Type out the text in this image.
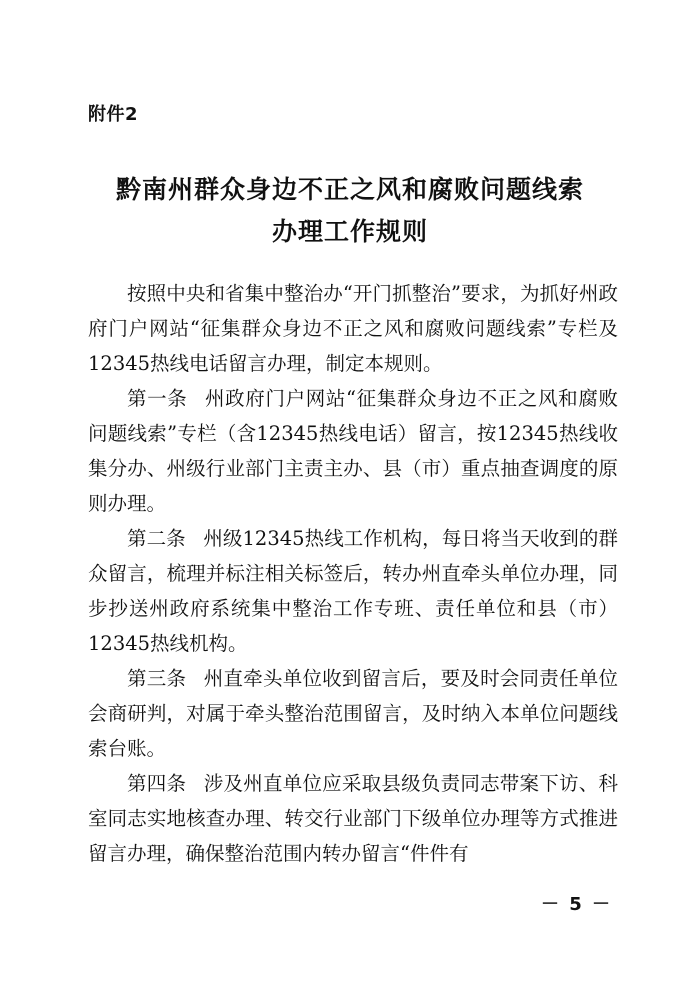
附件2
黔南州群众身边不正之风和腐败问题线索
办理工作规则

按照中央和省集中整治办“开门抓整治”要求，为抓好州政府门户网站“征集群众身边不正之风和腐败问题线索”专栏及12345热线电话留言办理，制定本规则。

第一条 州政府门户网站“征集群众身边不正之风和腐败问题线索”专栏（含12345热线电话）留言，按12345热线收集分办、州级行业部门主责主办、县（市）重点抽查调度的原则办理。

第二条 州级12345热线工作机构，每日将当天收到的群众留言，梳理并标注相关标签后，转办州直牵头单位办理，同步抄送州政府系统集中整治工作专班、责任单位和县（市）12345热线机构。

第三条 州直牵头单位收到留言后，要及时会同责任单位会商研判，对属于牵头整治范围留言，及时纳入本单位问题线索台账。

第四条 涉及州直单位应采取县级负责同志带案下访、科室同志实地核查办理、转交行业部门下级单位办理等方式推进留言办理，确保整治范围内转办留言“件件有

－ 5 －
